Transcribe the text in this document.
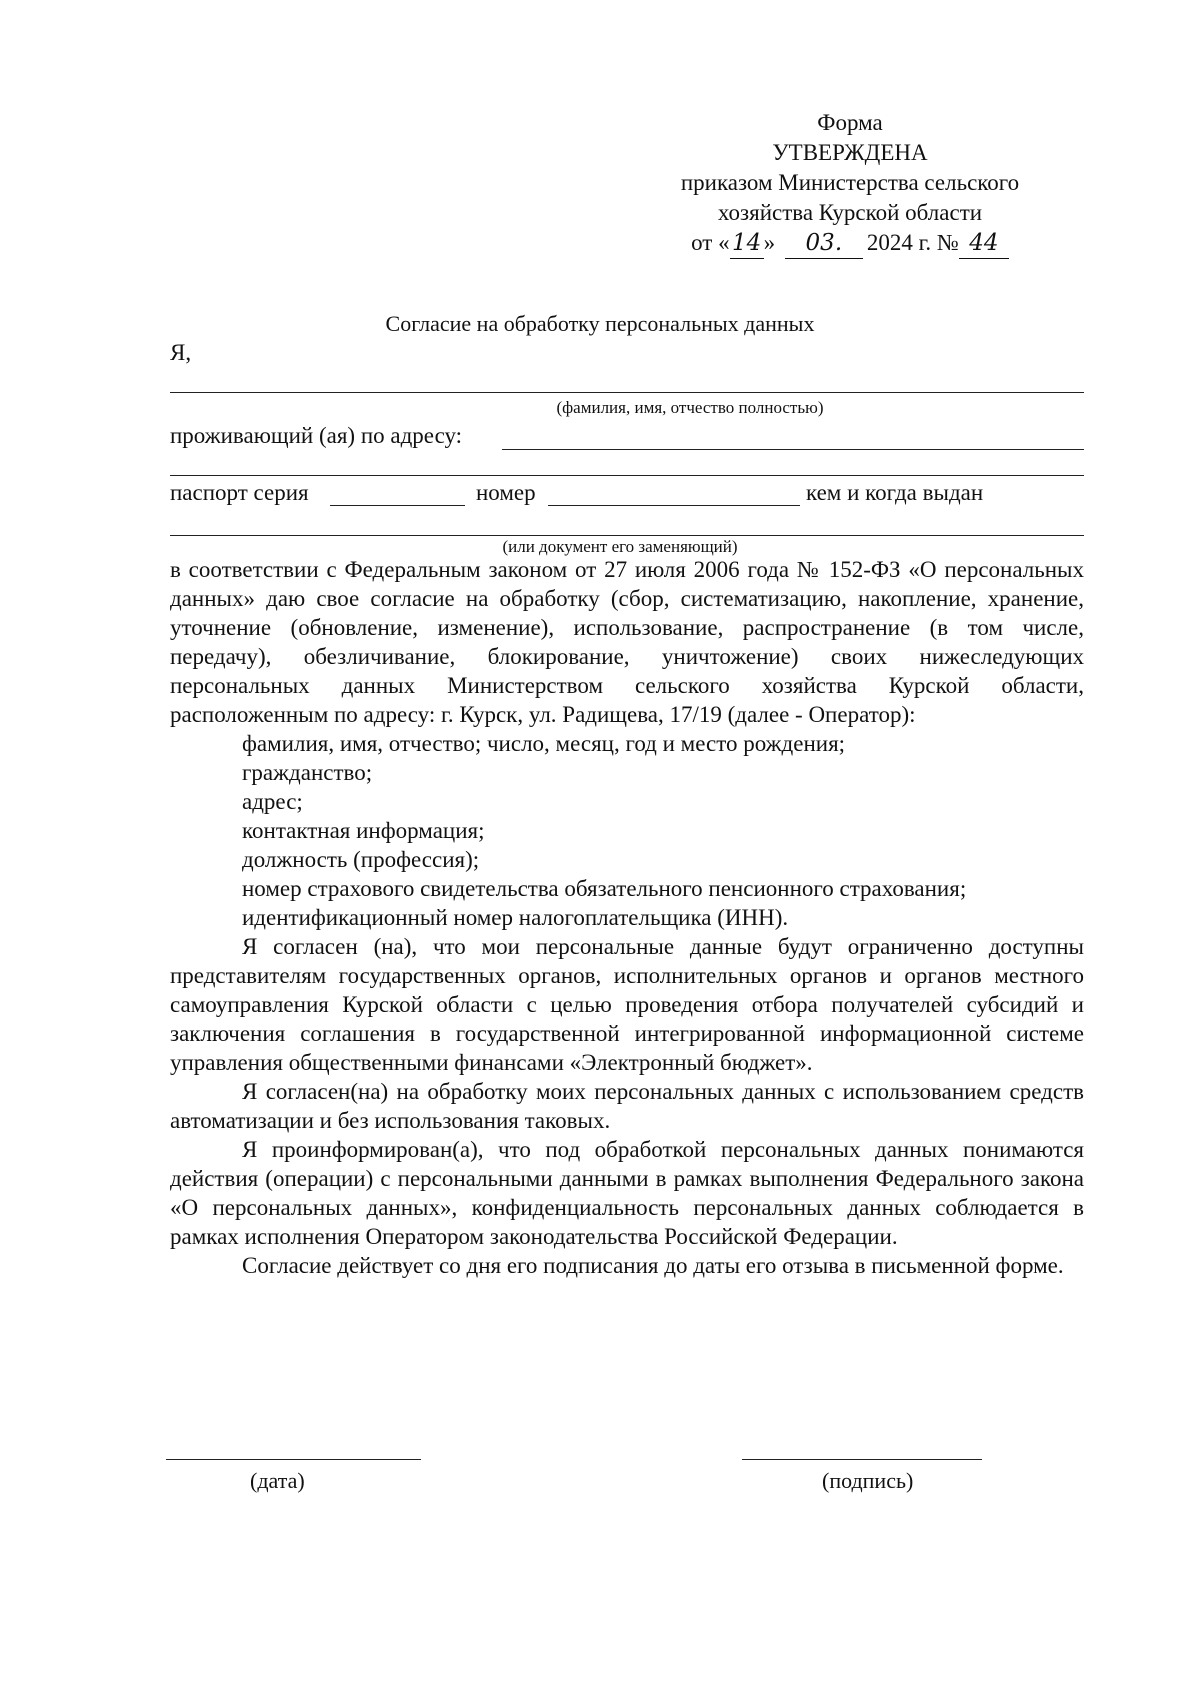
Форма
УТВЕРЖДЕНА
приказом Министерства сельского
хозяйства Курской области
от « 14 » 03. 2024 г. № 44
Согласие на обработку персональных данных
Я,
(фамилия, имя, отчество полностью)
проживающий (ая) по адресу:
паспорт серия	номер	кем и когда выдан
(или документ его заменяющий)

в соответствии с Федеральным законом от 27 июля 2006 года № 152-ФЗ «О персональных данных» даю свое согласие на обработку (сбор, систематизацию, накопление, хранение, уточнение (обновление, изменение), использование, распространение (в том числе, передачу), обезличивание, блокирование, уничтожение) своих нижеследующих персональных данных Министерством сельского хозяйства Курской области, расположенным по адресу: г. Курск, ул. Радищева, 17/19 (далее - Оператор):

фамилия, имя, отчество; число, месяц, год и место рождения;

гражданство;

адрес;

контактная информация;

должность (профессия);

номер страхового свидетельства обязательного пенсионного страхования;

идентификационный номер налогоплательщика (ИНН).

Я согласен (на), что мои персональные данные будут ограниченно доступны представителям государственных органов, исполнительных органов и органов местного самоуправления Курской области с целью проведения отбора получателей субсидий и заключения соглашения в государственной интегрированной информационной системе управления общественными финансами «Электронный бюджет».

Я согласен(на) на обработку моих персональных данных с использованием средств автоматизации и без использования таковых.

Я проинформирован(а), что под обработкой персональных данных понимаются действия (операции) с персональными данными в рамках выполнения Федерального закона «О персональных данных», конфиденциальность персональных данных соблюдается в рамках исполнения Оператором законодательства Российской Федерации.

Согласие действует со дня его подписания до даты его отзыва в письменной форме.

(дата)	(подпись)
